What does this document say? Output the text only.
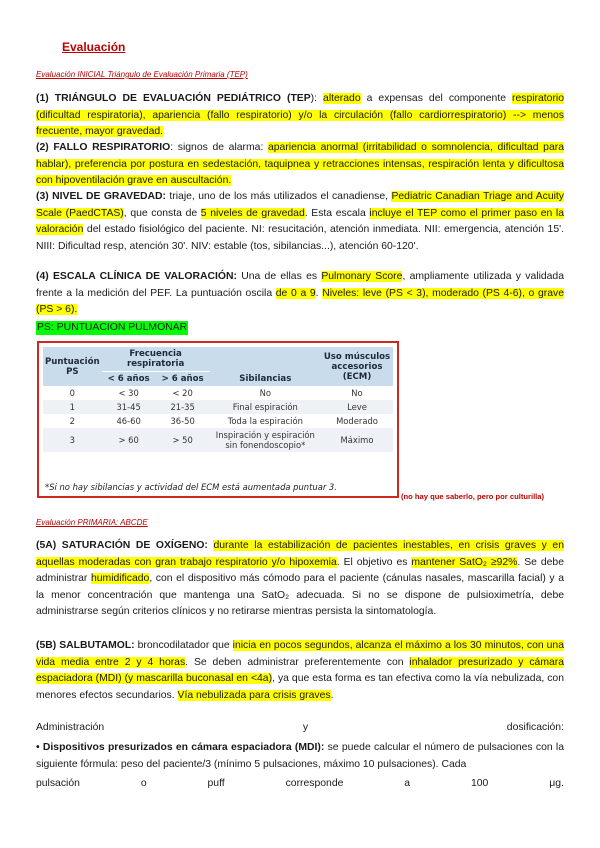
Evaluación
Evaluación INICIAL Triángulo de Evaluación Primaria (TEP)

(1) TRIÁNGULO DE EVALUACIÓN PEDIÁTRICO (TEP): alterado a expensas del componente respiratorio (dificultad respiratoria), apariencia (fallo respiratorio) y/o la circulación (fallo cardiorrespiratorio) --> menos frecuente, mayor gravedad.

(2) FALLO RESPIRATORIO: signos de alarma: apariencia anormal (irritabilidad o somnolencia, dificultad para hablar), preferencia por postura en sedestación, taquipnea y retracciones intensas, respiración lenta y dificultosa con hipoventilación grave en auscultación.

(3) NIVEL DE GRAVEDAD: triaje, uno de los más utilizados el canadiense, Pediatric Canadian Triage and Acuity Scale (PaedCTAS), que consta de 5 niveles de gravedad. Esta escala incluye el TEP como el primer paso en la valoración del estado fisiológico del paciente. NI: resucitación, atención inmediata. NII: emergencia, atención 15'. NIII: Dificultad resp, atención 30'. NIV: estable (tos, sibilancias...), atención 60-120'.

(4) ESCALA CLÍNICA DE VALORACIÓN: Una de ellas es Pulmonary Score, ampliamente utilizada y validada frente a la medición del PEF. La puntuación oscila de 0 a 9. Niveles: leve (PS < 3), moderado (PS 4-6), o grave (PS > 6).

PS: PUNTUACION PULMONAR
Puntuación PS	Frecuencia respiratoria		Sibilancias	Uso músculos accesorios (ECM)
	< 6 años	> 6 años		
0	< 30	< 20	No	No
1	31-45	21-35	Final espiración	Leve
2	46-60	36-50	Toda la espiración	Moderado
3	> 60	> 50	Inspiración y espiración sin fonendoscopio*	Máximo
*Si no hay sibilancias y actividad del ECM está aumentada puntuar 3.
(no hay que saberlo, pero por culturilla)
Evaluación PRIMARIA: ABCDE

(5A) SATURACIÓN DE OXÍGENO: durante la estabilización de pacientes inestables, en crisis graves y en aquellas moderadas con gran trabajo respiratorio y/o hipoxemia. El objetivo es mantener SatO₂ ≥92%. Se debe administrar humidificado, con el dispositivo más cómodo para el paciente (cánulas nasales, mascarilla facial) y a la menor concentración que mantenga una SatO₂ adecuada. Si no se dispone de pulsioximetría, debe administrarse según criterios clínicos y no retirarse mientras persista la sintomatología.

(5B) SALBUTAMOL: broncodilatador que inicia en pocos segundos, alcanza el máximo a los 30 minutos, con una vida media entre 2 y 4 horas. Se deben administrar preferentemente con inhalador presurizado y cámara espaciadora (MDI) (y mascarilla buconasal en <4a), ya que esta forma es tan efectiva como la vía nebulizada, con menores efectos secundarios. Vía nebulizada para crisis graves.

Administración	y	dosificación:

• Dispositivos presurizados en cámara espaciadora (MDI): se puede calcular el número de pulsaciones con la siguiente fórmula: peso del paciente/3 (mínimo 5 pulsaciones, máximo 10 pulsaciones). Cada

pulsación	o	puff	corresponde	a	100	μg.
